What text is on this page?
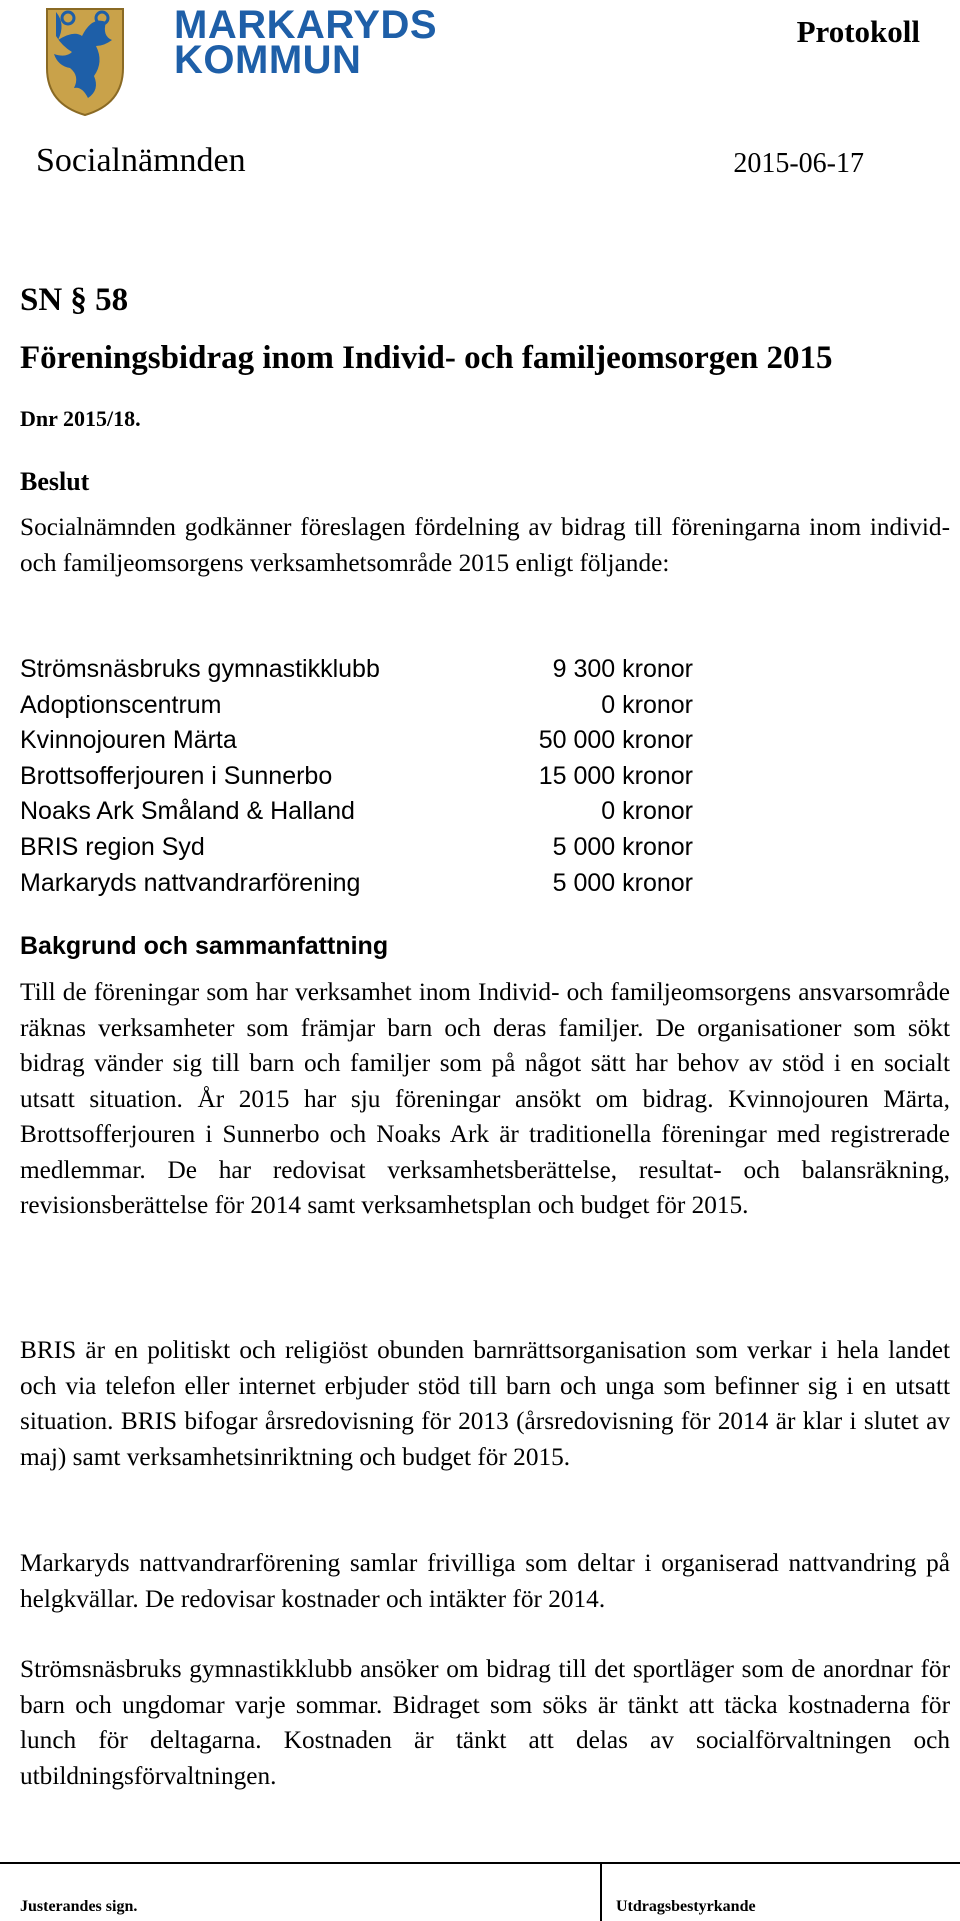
MARKARYDS
KOMMUN
Protokoll
Socialnämnden	2015-06-17
SN § 58
Föreningsbidrag inom Individ- och familjeomsorgen 2015
Dnr 2015/18.
Beslut
Socialnämnden godkänner föreslagen fördelning av bidrag till föreningarna inom individ- och familjeomsorgens verksamhetsområde 2015 enligt följande:
Strömsnäsbruks gymnastikklubb	9 300 kronor
Adoptionscentrum	0 kronor
Kvinnojouren Märta	50 000 kronor
Brottsofferjouren i Sunnerbo	15 000 kronor
Noaks Ark Småland & Halland	0 kronor
BRIS region Syd	5 000 kronor
Markaryds nattvandrarförening	5 000 kronor
Bakgrund och sammanfattning
Till de föreningar som har verksamhet inom Individ- och familjeomsorgens ansvarsområde räknas verksamheter som främjar barn och deras familjer. De organisationer som sökt bidrag vänder sig till barn och familjer som på något sätt har behov av stöd i en socialt utsatt situation. År 2015 har sju föreningar ansökt om bidrag. Kvinnojouren Märta, Brottsofferjouren i Sunnerbo och Noaks Ark är traditionella föreningar med registrerade medlemmar. De har redovisat verksamhetsberättelse, resultat- och balansräkning, revisionsberättelse för 2014 samt verksamhetsplan och budget för 2015.
BRIS är en politiskt och religiöst obunden barnrättsorganisation som verkar i hela landet och via telefon eller internet erbjuder stöd till barn och unga som befinner sig i en utsatt situation. BRIS bifogar årsredovisning för 2013 (årsredovisning för 2014 är klar i slutet av maj) samt verksamhetsinriktning och budget för 2015.
Markaryds nattvandrarförening samlar frivilliga som deltar i organiserad nattvandring på helgkvällar. De redovisar kostnader och intäkter för 2014.
Strömsnäsbruks gymnastikklubb ansöker om bidrag till det sportläger som de anordnar för barn och ungdomar varje sommar. Bidraget som söks är tänkt att täcka kostnaderna för lunch för deltagarna. Kostnaden är tänkt att delas av socialförvaltningen och utbildningsförvaltningen.
Justerandes sign.	Utdragsbestyrkande
